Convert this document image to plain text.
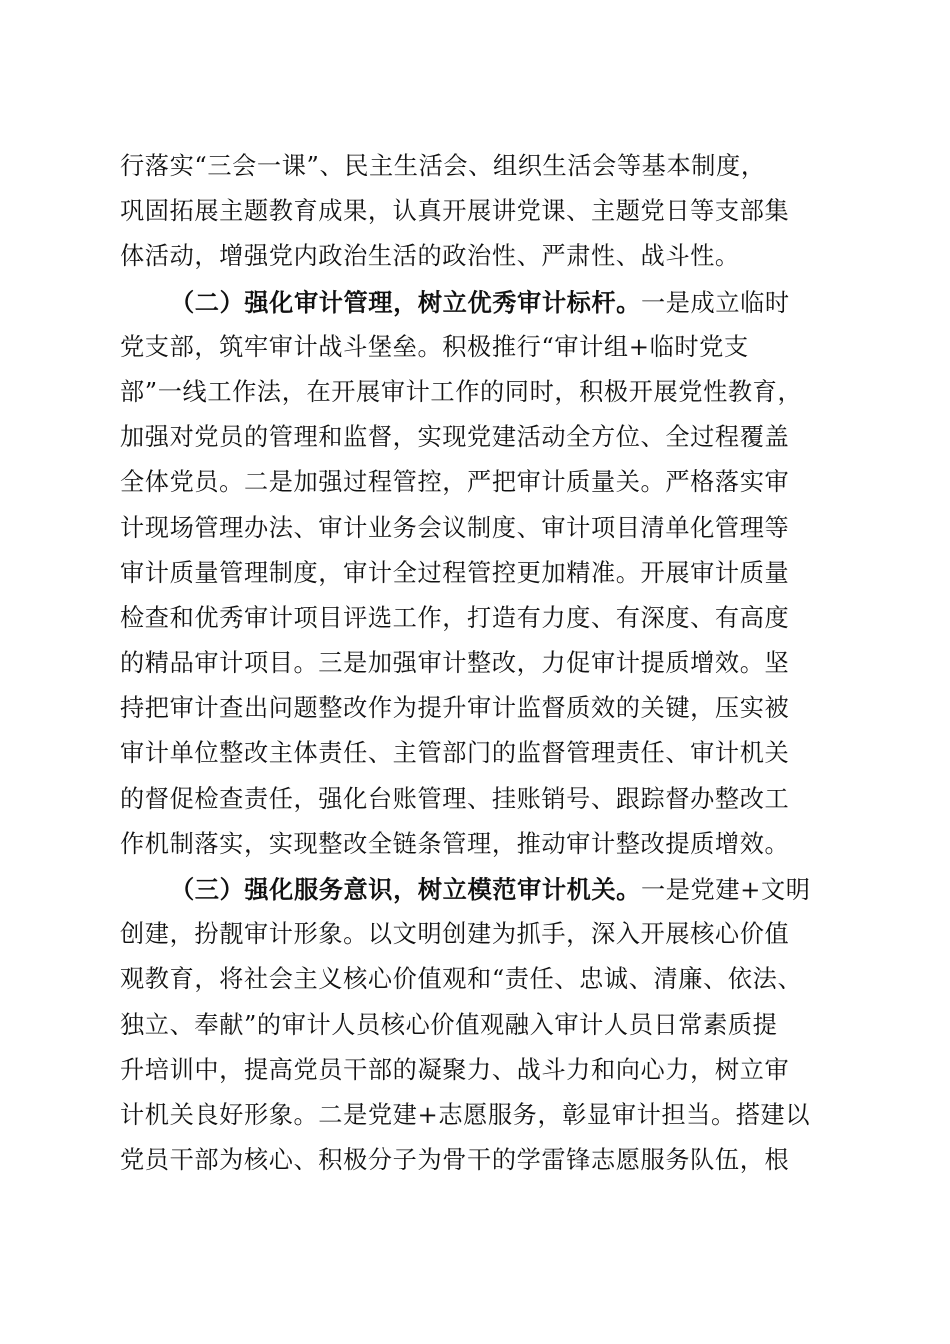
行落实“三会一课”、民主生活会、组织生活会等基本制度，
巩固拓展主题教育成果，认真开展讲党课、主题党日等支部集
体活动，增强党内政治生活的政治性、严肃性、战斗性。
（二）强化审计管理，树立优秀审计标杆。一是成立临时
党支部，筑牢审计战斗堡垒。积极推行“审计组+临时党支
部”一线工作法，在开展审计工作的同时，积极开展党性教育，
加强对党员的管理和监督，实现党建活动全方位、全过程覆盖
全体党员。二是加强过程管控，严把审计质量关。严格落实审
计现场管理办法、审计业务会议制度、审计项目清单化管理等
审计质量管理制度，审计全过程管控更加精准。开展审计质量
检查和优秀审计项目评选工作，打造有力度、有深度、有高度
的精品审计项目。三是加强审计整改，力促审计提质增效。坚
持把审计查出问题整改作为提升审计监督质效的关键，压实被
审计单位整改主体责任、主管部门的监督管理责任、审计机关
的督促检查责任，强化台账管理、挂账销号、跟踪督办整改工
作机制落实，实现整改全链条管理，推动审计整改提质增效。
（三）强化服务意识，树立模范审计机关。一是党建+文明
创建，扮靓审计形象。以文明创建为抓手，深入开展核心价值
观教育，将社会主义核心价值观和“责任、忠诚、清廉、依法、
独立、奉献”的审计人员核心价值观融入审计人员日常素质提
升培训中，提高党员干部的凝聚力、战斗力和向心力，树立审
计机关良好形象。二是党建+志愿服务，彰显审计担当。搭建以
党员干部为核心、积极分子为骨干的学雷锋志愿服务队伍，根
